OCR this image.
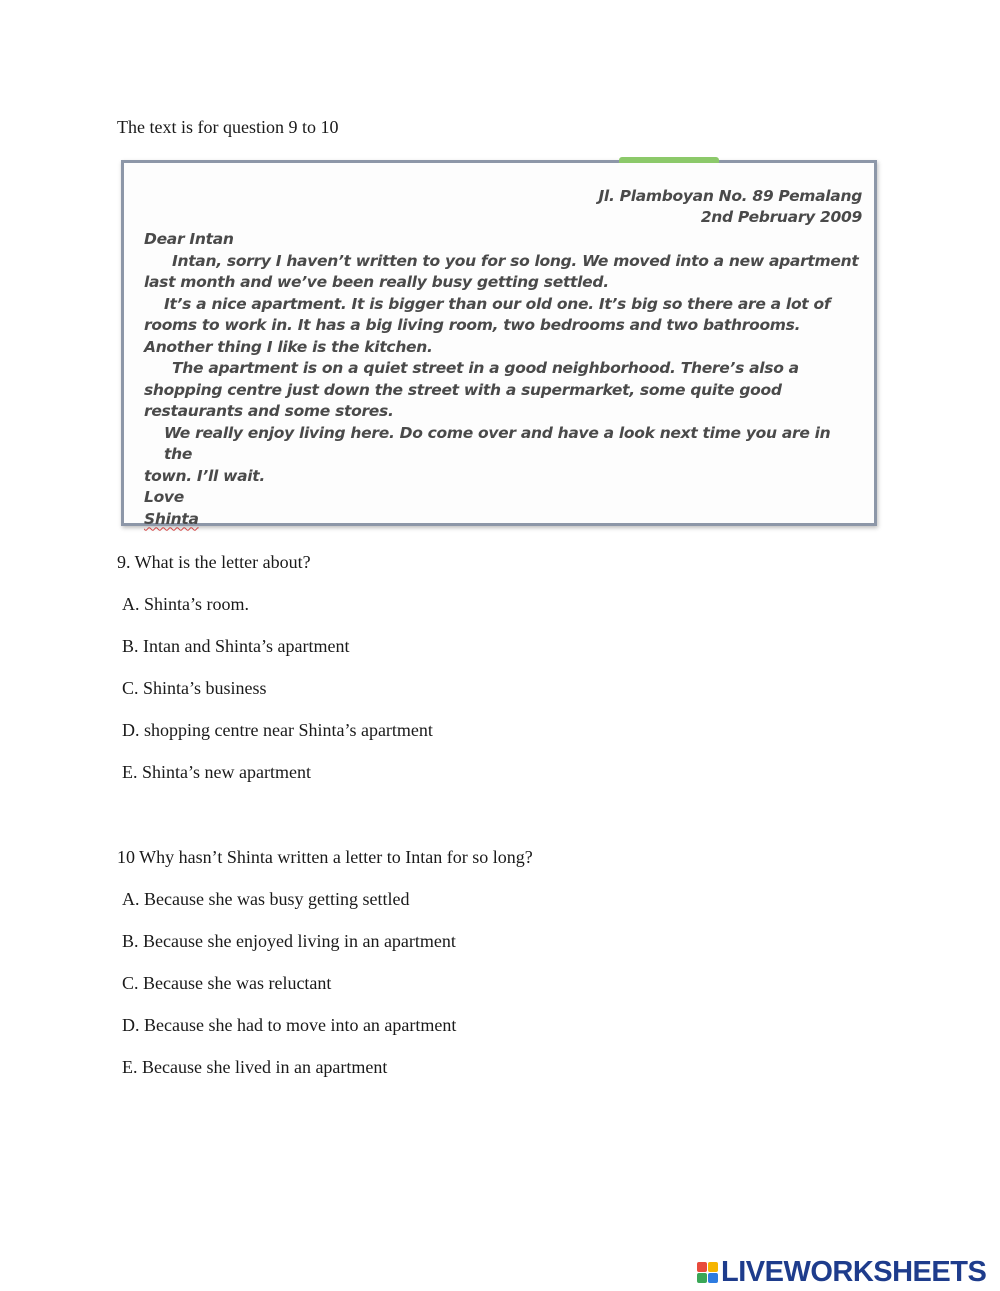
The text is for question 9 to 10
Jl. Plamboyan No. 89 Pemalang
2nd Pebruary 2009

Dear Intan

Intan, sorry I haven’t written to you for so long. We moved into a new apartment

last month and we’ve been really busy getting settled.

It’s a nice apartment. It is bigger than our old one. It’s big so there are a lot of

rooms to work in. It has a big living room, two bedrooms and two bathrooms.

Another thing I like is the kitchen.

The apartment is on a quiet street in a good neighborhood. There’s also a

shopping centre just down the street with a supermarket, some quite good

restaurants and some stores.

We really enjoy living here. Do come over and have a look next time you are in the

town. I’ll wait.

Love

Shinta

9. What is the letter about?
A. Shinta’s room.
B. Intan and Shinta’s apartment
C. Shinta’s business
D. shopping centre near Shinta’s apartment
E. Shinta’s new apartment
10 Why hasn’t Shinta written a letter to Intan for so long?
A. Because she was busy getting settled
B. Because she enjoyed living in an apartment
C. Because she was reluctant
D. Because she had to move into an apartment
E. Because she lived in an apartment
LIVEWORKSHEETS
